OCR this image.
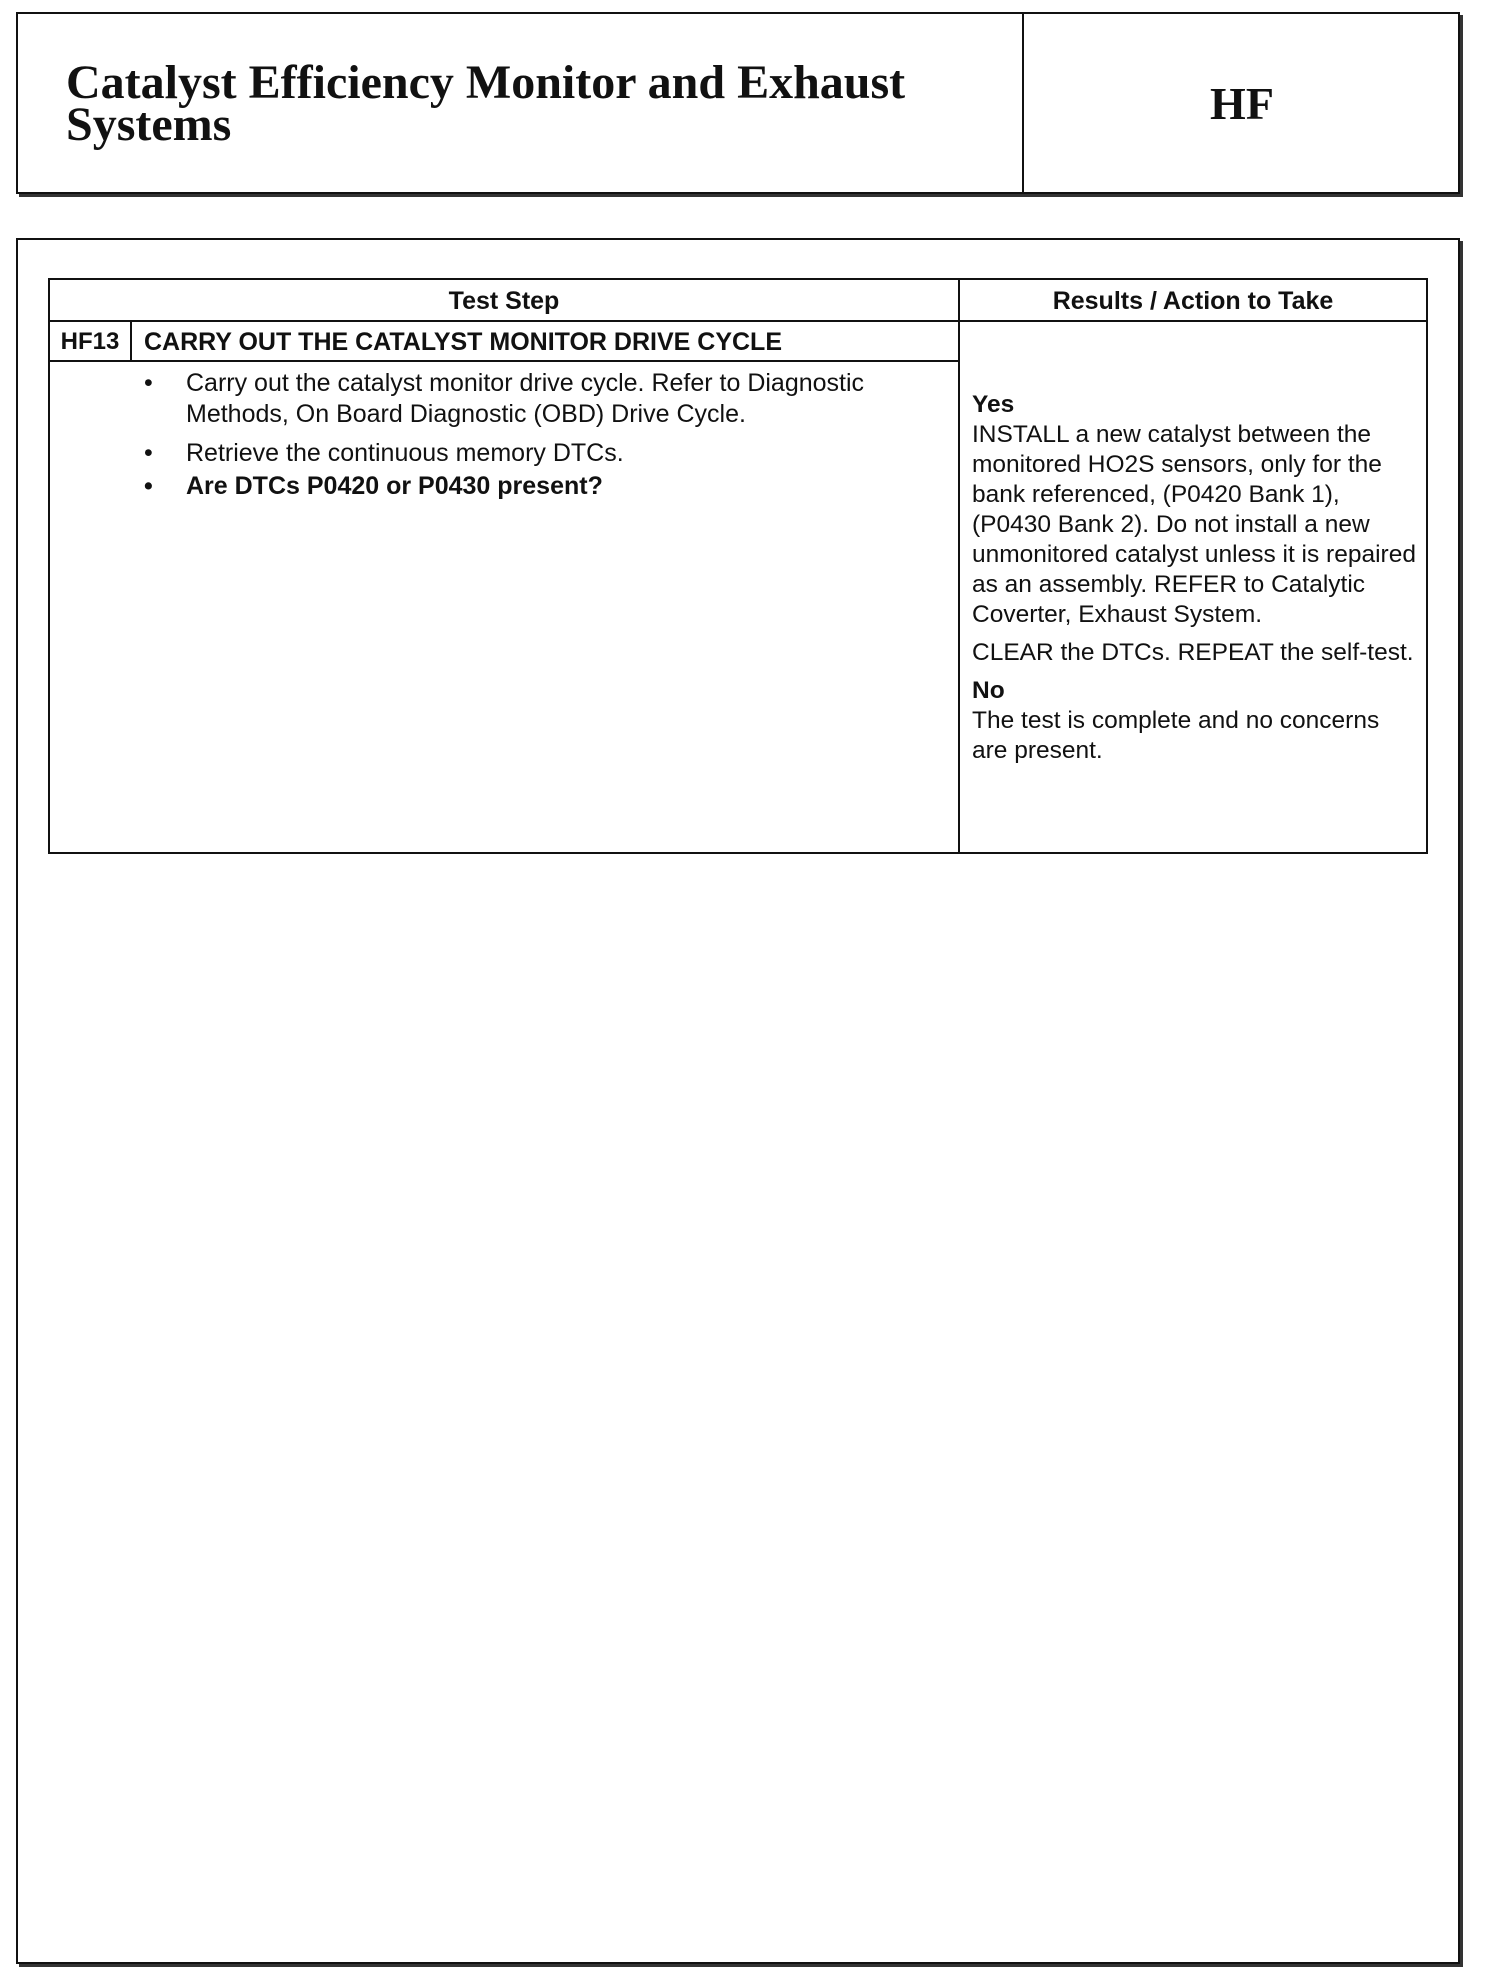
Catalyst Efficiency Monitor and Exhaust Systems	HF
Test Step	Results / Action to Take
HF13 CARRY OUT THE CATALYST MONITOR DRIVE CYCLE
• Carry out the catalyst monitor drive cycle. Refer to Diagnostic Methods, On Board Diagnostic (OBD) Drive Cycle.
• Retrieve the continuous memory DTCs.
• Are DTCs P0420 or P0430 present?

Yes

INSTALL a new catalyst between the monitored HO2S sensors, only for the bank referenced, (P0420 Bank 1), (P0430 Bank 2). Do not install a new unmonitored catalyst unless it is repaired as an assembly. REFER to Catalytic Coverter, Exhaust System.

CLEAR the DTCs. REPEAT the self-test.

No

The test is complete and no concerns are present.
